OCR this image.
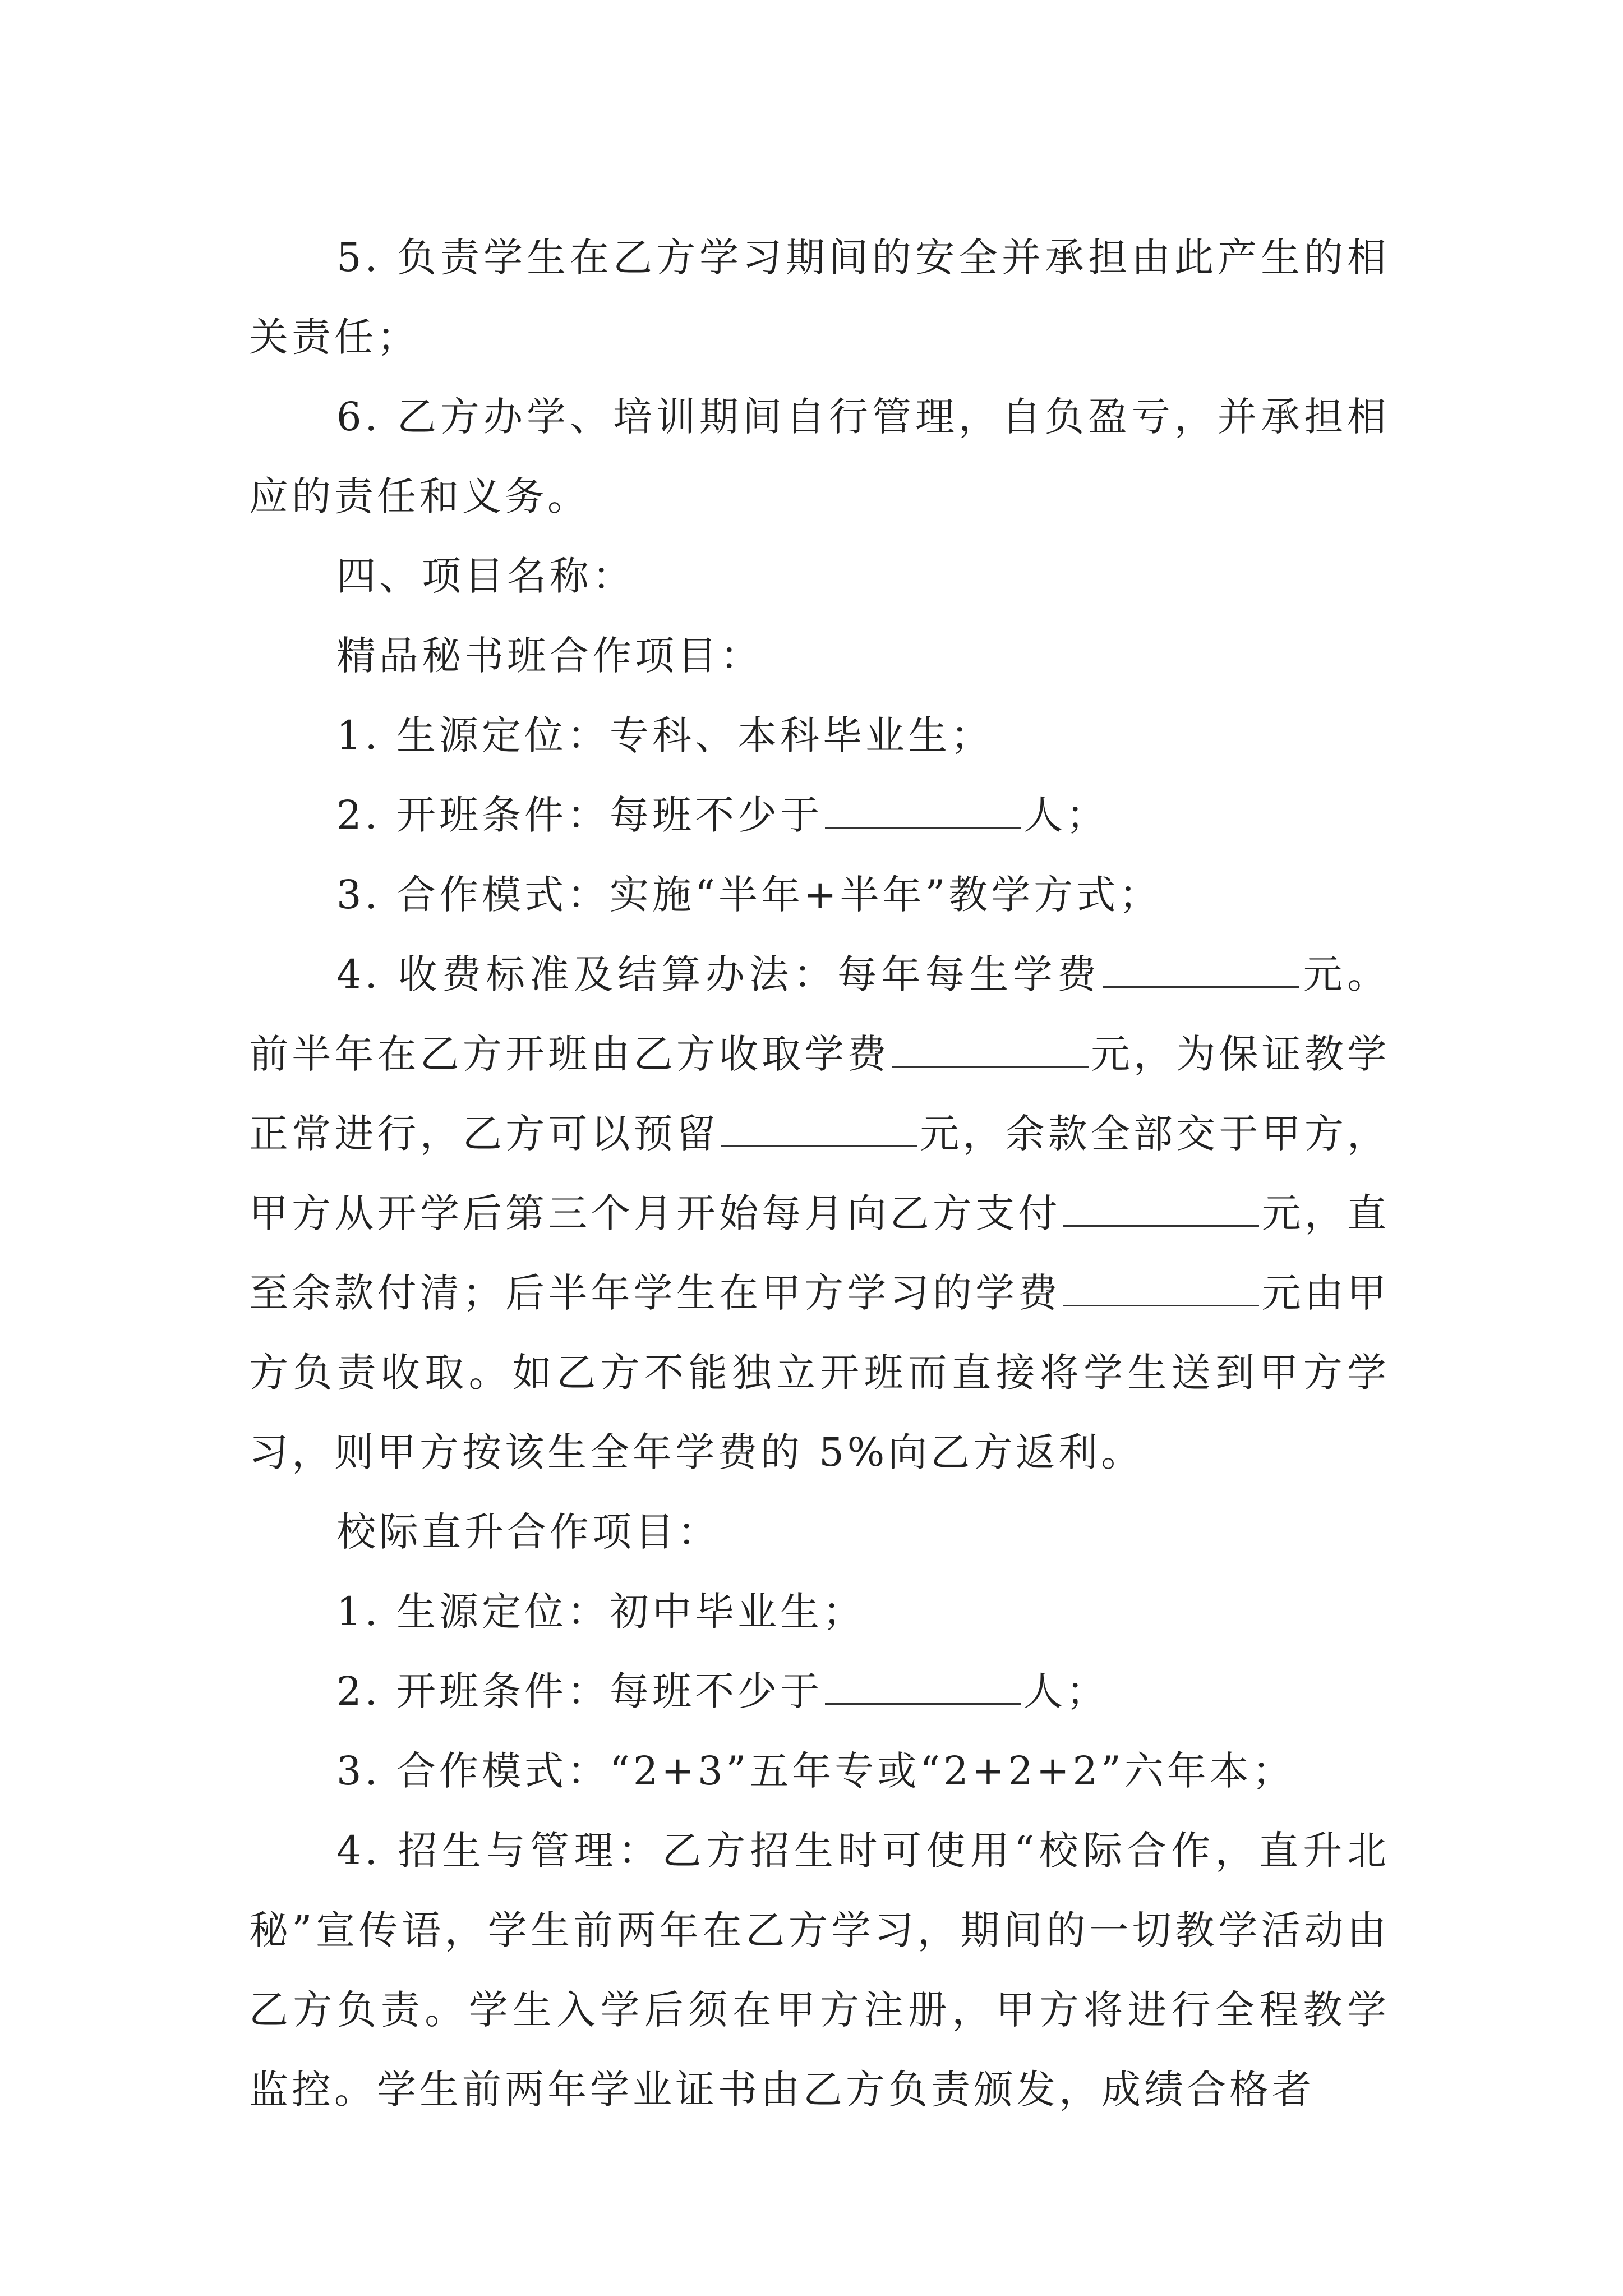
5. 负责学生在乙方学习期间的安全并承担由此产生的相关责任；

6. 乙方办学、培训期间自行管理，自负盈亏，并承担相应的责任和义务。

四、项目名称：

精品秘书班合作项目：

1. 生源定位：专科、本科毕业生；

2. 开班条件：每班不少于	人；

3. 合作模式：实施“半年+半年”教学方式；

4. 收费标准及结算办法：每年每生学费	元。前半年在乙方开班由乙方收取学费	元，为保证教学正常进行，乙方可以预留	元，余款全部交于甲方，甲方从开学后第三个月开始每月向乙方支付	元，直至余款付清；后半年学生在甲方学习的学费	元由甲方负责收取。如乙方不能独立开班而直接将学生送到甲方学习，则甲方按该生全年学费的 5%向乙方返利。

校际直升合作项目：

1. 生源定位：初中毕业生；

2. 开班条件：每班不少于	人；

3. 合作模式：“2+3”五年专或“2+2+2”六年本；

4. 招生与管理：乙方招生时可使用“校际合作，直升北秘”宣传语，学生前两年在乙方学习，期间的一切教学活动由乙方负责。学生入学后须在甲方注册，甲方将进行全程教学监控。学生前两年学业证书由乙方负责颁发，成绩合格者
